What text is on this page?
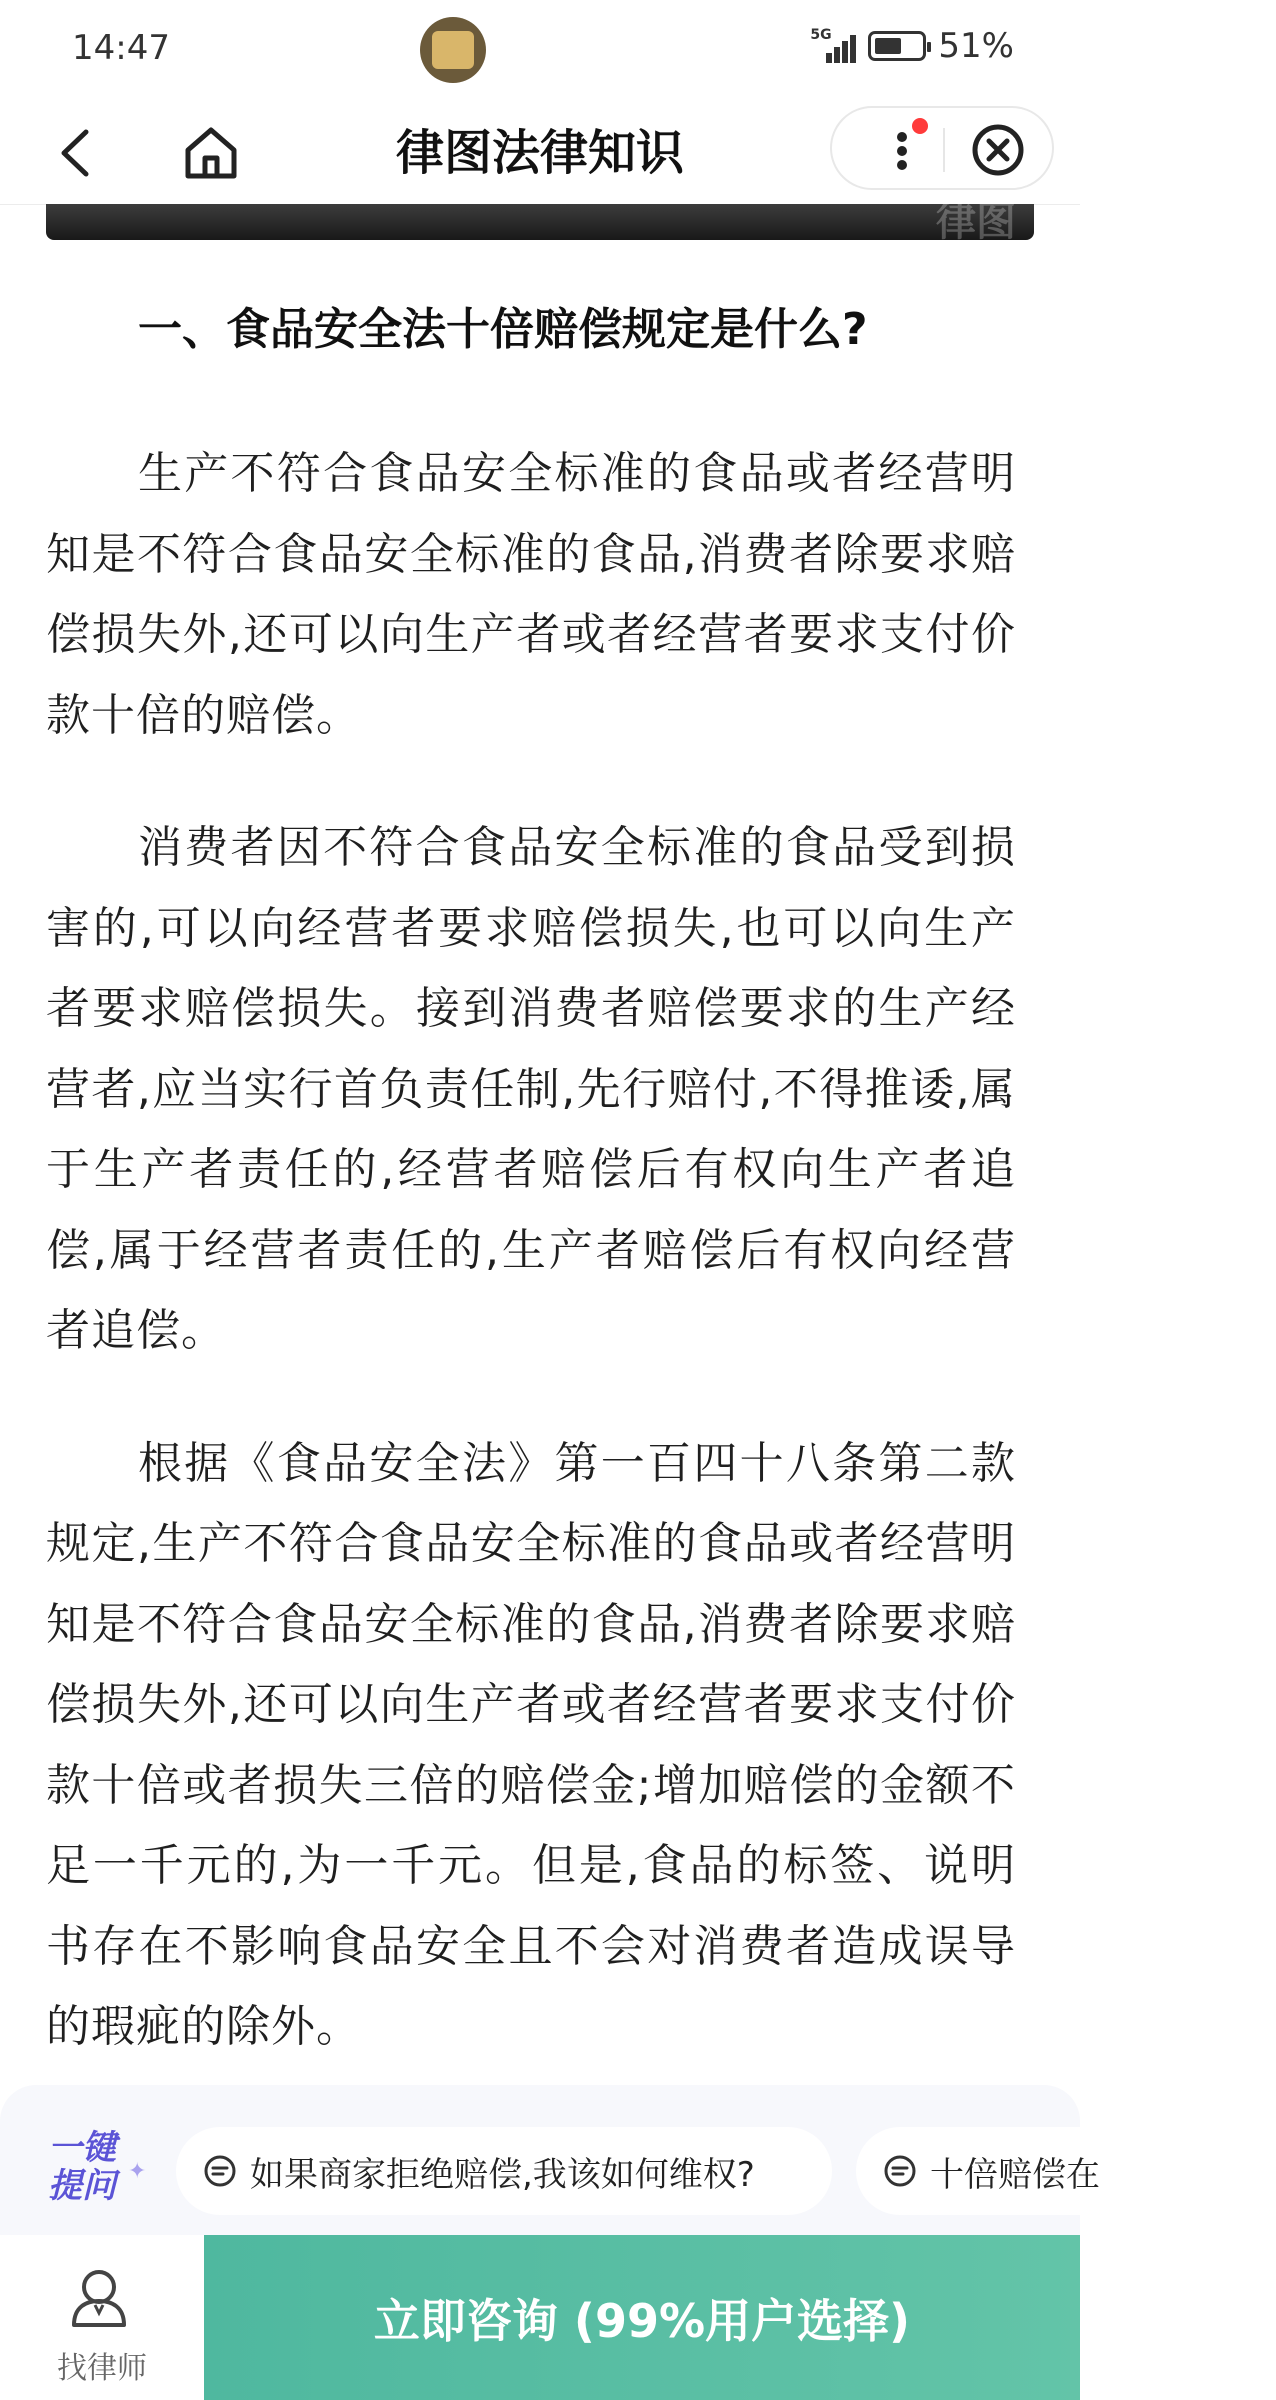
14:47	5G	51%
律图法律知识
律图
一、食品安全法十倍赔偿规定是什么?

生产不符合食品安全标准的食品或者经营明知是不符合食品安全标准的食品,消费者除要求赔偿损失外,还可以向生产者或者经营者要求支付价款十倍的赔偿。

消费者因不符合食品安全标准的食品受到损害的,可以向经营者要求赔偿损失,也可以向生产者要求赔偿损失。接到消费者赔偿要求的生产经营者,应当实行首负责任制,先行赔付,不得推诿,属于生产者责任的,经营者赔偿后有权向生产者追偿,属于经营者责任的,生产者赔偿后有权向经营者追偿。

根据《食品安全法》第一百四十八条第二款规定,生产不符合食品安全标准的食品或者经营明知是不符合食品安全标准的食品,消费者除要求赔偿损失外,还可以向生产者或者经营者要求支付价款十倍或者损失三倍的赔偿金;增加赔偿的金额不足一千元的,为一千元。但是,食品的标签、说明书存在不影响食品安全且不会对消费者造成误导的瑕疵的除外。

一键
提问 ✦	如果商家拒绝赔偿,我该如何维权?	十倍赔偿在
找律师
立即咨询 (99%用户选择)
